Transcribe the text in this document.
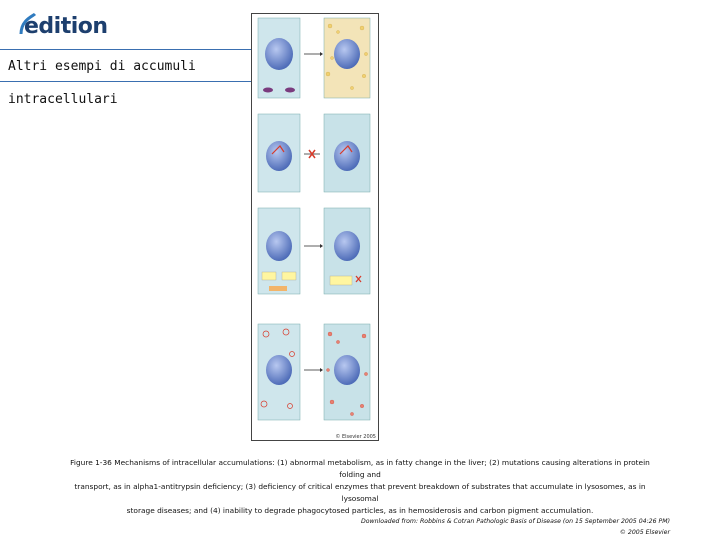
edition
Altri esempi di accumuli intracellulari
© Elsevier 2005
Figure 1-36 Mechanisms of intracellular accumulations: (1) abnormal metabolism, as in fatty change in the liver; (2) mutations causing alterations in protein folding and
transport, as in alpha1-antitrypsin deficiency; (3) deficiency of critical enzymes that prevent breakdown of substrates that accumulate in lysosomes, as in lysosomal
storage diseases; and (4) inability to degrade phagocytosed particles, as in hemosiderosis and carbon pigment accumulation.
Downloaded from: Robbins & Cotran Pathologic Basis of Disease (on 15 September 2005 04:26 PM)
© 2005 Elsevier
